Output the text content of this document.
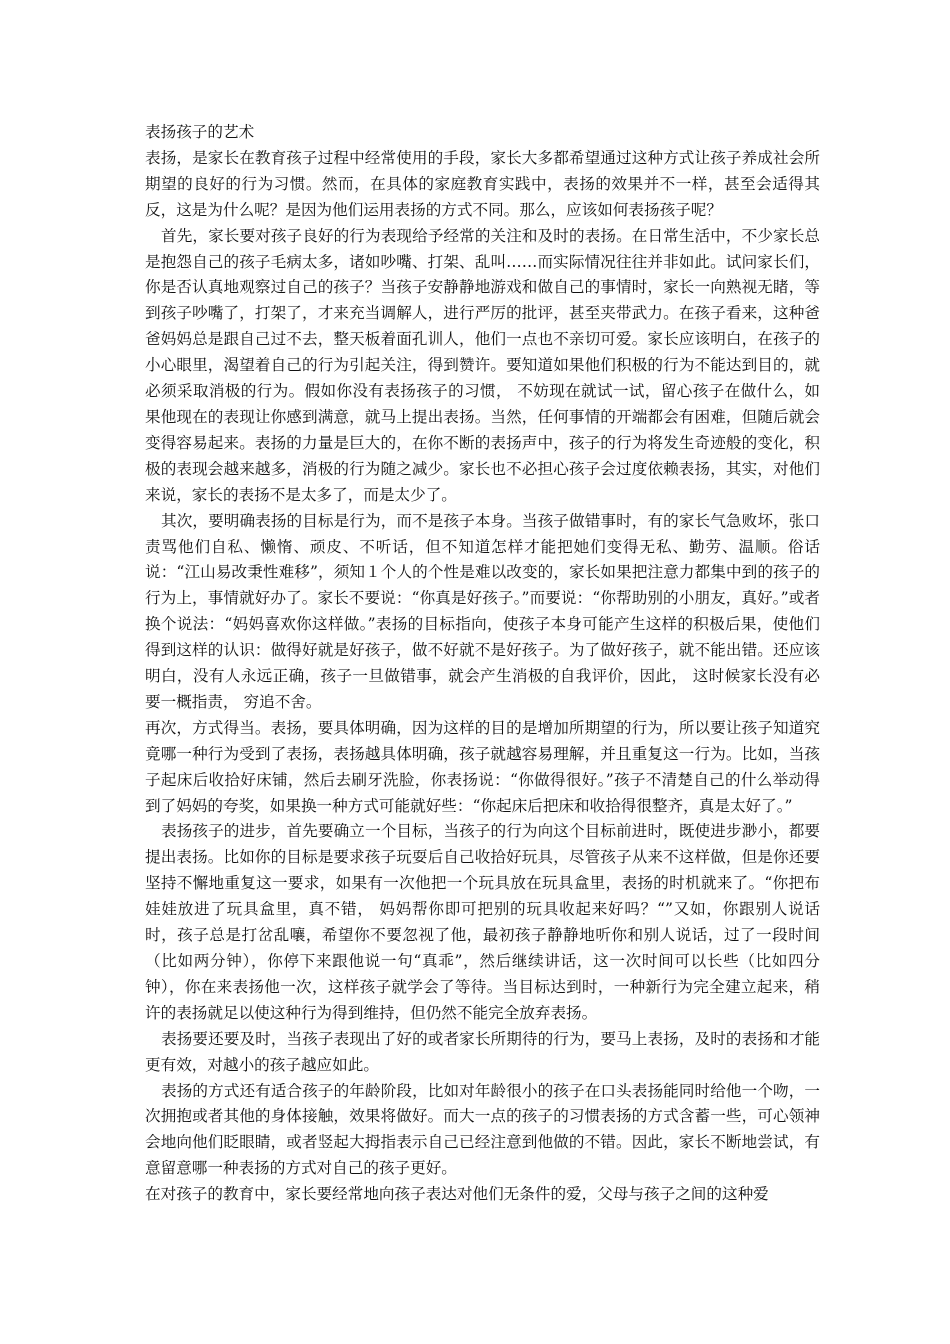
表扬孩子的艺术

表扬，是家长在教育孩子过程中经常使用的手段，家长大多都希望通过这种方式让孩子养成社会所期望的良好的行为习惯。然而，在具体的家庭教育实践中，表扬的效果并不一样，甚至会适得其反，这是为什么呢？是因为他们运用表扬的方式不同。那么，应该如何表扬孩子呢？

首先，家长要对孩子良好的行为表现给予经常的关注和及时的表扬。在日常生活中，不少家长总是抱怨自己的孩子毛病太多，诸如吵嘴、打架、乱叫……而实际情况往往并非如此。试问家长们，你是否认真地观察过自己的孩子？当孩子安静静地游戏和做自己的事情时，家长一向熟视无睹，等到孩子吵嘴了，打架了，才来充当调解人，进行严厉的批评，甚至夹带武力。在孩子看来，这种爸爸妈妈总是跟自己过不去，整天板着面孔训人，他们一点也不亲切可爱。家长应该明白，在孩子的小心眼里，渴望着自己的行为引起关注，得到赞许。要知道如果他们积极的行为不能达到目的，就必须采取消极的行为。假如你没有表扬孩子的习惯， 不妨现在就试一试，留心孩子在做什么，如果他现在的表现让你感到满意，就马上提出表扬。当然，任何事情的开端都会有困难，但随后就会变得容易起来。表扬的力量是巨大的，在你不断的表扬声中，孩子的行为将发生奇迹般的变化，积极的表现会越来越多，消极的行为随之减少。家长也不必担心孩子会过度依赖表扬，其实，对他们来说，家长的表扬不是太多了，而是太少了。

其次，要明确表扬的目标是行为，而不是孩子本身。当孩子做错事时，有的家长气急败坏，张口责骂他们自私、懒惰、顽皮、不听话，但不知道怎样才能把她们变得无私、勤劳、温顺。俗话说：“江山易改秉性难移”，须知１个人的个性是难以改变的，家长如果把注意力都集中到的孩子的行为上，事情就好办了。家长不要说：“你真是好孩子。”而要说：“你帮助别的小朋友，真好。”或者换个说法：“妈妈喜欢你这样做。”表扬的目标指向，使孩子本身可能产生这样的积极后果，使他们得到这样的认识：做得好就是好孩子，做不好就不是好孩子。为了做好孩子，就不能出错。还应该明白，没有人永远正确，孩子一旦做错事，就会产生消极的自我评价，因此， 这时候家长没有必要一概指责， 穷追不舍。

再次，方式得当。表扬，要具体明确，因为这样的目的是增加所期望的行为，所以要让孩子知道究竟哪一种行为受到了表扬，表扬越具体明确，孩子就越容易理解，并且重复这一行为。比如，当孩子起床后收拾好床铺，然后去刷牙洗脸，你表扬说：“你做得很好。”孩子不清楚自己的什么举动得到了妈妈的夸奖，如果换一种方式可能就好些：“你起床后把床和收拾得很整齐，真是太好了。”

表扬孩子的进步，首先要确立一个目标，当孩子的行为向这个目标前进时，既使进步渺小，都要提出表扬。比如你的目标是要求孩子玩耍后自己收拾好玩具，尽管孩子从来不这样做，但是你还要坚持不懈地重复这一要求，如果有一次他把一个玩具放在玩具盒里，表扬的时机就来了。“你把布娃娃放进了玩具盒里，真不错， 妈妈帮你即可把别的玩具收起来好吗？“”又如，你跟别人说话时，孩子总是打岔乱嚷，希望你不要忽视了他，最初孩子静静地听你和别人说话，过了一段时间（比如两分钟），你停下来跟他说一句“真乖”，然后继续讲话，这一次时间可以长些（比如四分钟），你在来表扬他一次，这样孩子就学会了等待。当目标达到时，一种新行为完全建立起来，稍许的表扬就足以使这种行为得到维持，但仍然不能完全放弃表扬。

表扬要还要及时，当孩子表现出了好的或者家长所期待的行为，要马上表扬，及时的表扬和才能更有效，对越小的孩子越应如此。

表扬的方式还有适合孩子的年龄阶段，比如对年龄很小的孩子在口头表扬能同时给他一个吻，一次拥抱或者其他的身体接触，效果将做好。而大一点的孩子的习惯表扬的方式含蓄一些，可心领神会地向他们眨眼睛，或者竖起大拇指表示自己已经注意到他做的不错。因此，家长不断地尝试，有意留意哪一种表扬的方式对自己的孩子更好。

在对孩子的教育中，家长要经常地向孩子表达对他们无条件的爱，父母与孩子之间的这种爱
